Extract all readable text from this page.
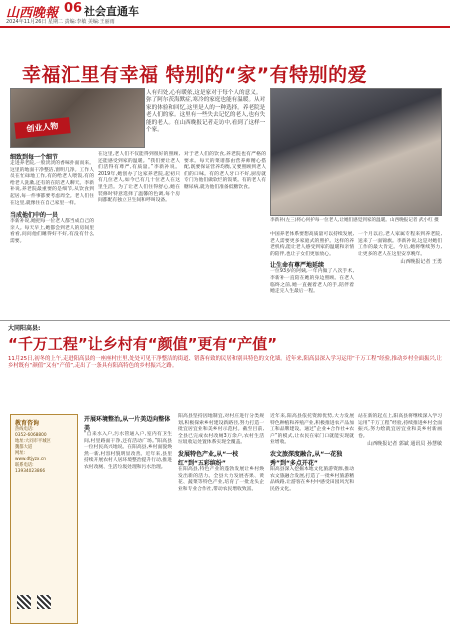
山西晚報 06 社会直通车
2024年11月26日 星期二 责编:李敏 美编:王丽雨
幸福汇里有幸福 特别的“家”有特别的爱
创业人物
人有归处,心有暖依,这是家对于每个人的意义。弥了阿尔茨海默症,寒冷的家庭也能有温暖。从对家的体验和回忆,这里是人的一种选择。养老院是老人们的家。这里有一些失去记忆的老人,也有失能的老人。在山西晚报记者走访中,看到了这样一个家。
李新补(左三)将心何护每一位老人,让她们感觉到家的温暖。山西晚报记者 武小红 摄
细致到每一个细节
走进养老院,一股淡淡的香味扑面而来。这里的地面干净整洁,窗明几净。工作人员在忙碌地工作,有的给老人喂饭,有的给老人洗漱,还有的在陪老人聊天。李新补说,养老院最重要的是细节,从饮食到起居,每一件事都要考虑周全。老人们住在这里,就像住在自己家里一样。
当成他们中的一员
李新补说,她把每一位老人都当成自己的亲人。每天早上,她都会到老人的房间里看看,问问他们睡得好不好,有没有什么需要。
在这里,老人们不仅能得到很好的照顾,还能感受到家的温暖。“我们要让老人们活得有尊严,有质量。”李新补说。2019年,她创办了这家养老院,起初只有几位老人,如今已有几十位老人在这里生活。为了让老人们住得舒心,她在装修时特意选择了温馨的色调,每个房间都配有独立卫生间和呼叫设备。
对于老人们的饮食,养老院也有严格的要求。每天的菜谱都由营养师精心搭配,既要保证营养均衡,又要照顾到老人们的口味。有的老人牙口不好,厨房就专门为他们做软烂的饭菜。有的老人有糖尿病,就为他们准备低糖饮食。
中国养老体系要想高质量可以持续发展,老人需要更多家庭式的照护。这样的养老机构,能让老人感受到家的温暖和亲情的陪伴,也让子女们更加放心。
让生命有尊严地延续
一位93岁的阿姨,一年内做了八次手术,李新补一直陪在她的身边照顾。在老人临终之前,她一直握着老人的手,陪伴着她走完人生最后一程。
一个月以后,老人家属专程来到养老院,送来了一面锦旗。李新补说,这是对她们工作的最大肯定。今后,她将继续努力,让更多的老人在这里安享晚年。
山西晚报记者 王勇
大同阳高县:
“千万工程”让乡村有“颜值”更有“产值”
11月25日,初冬的上午,走进阳高县的一座座村庄里,处处可见干净整洁的街道、错落有致的民居和别具特色的文化墙。近年来,阳高县深入学习运用“千万工程”经验,推动乡村全面振兴,让乡村既有“颜值”又有“产值”,走出了一条具有阳高特色的乡村振兴之路。
教育咨询
热线电话:
0352-6068800
地址:大同市平城区
魏都大道
网址:
www.dtjyzx.cn
联系电话:
13934023866
开展环境整治,从一片美迈向整体美
“自来水入户,污水管通入户,室内有卫生间,村里路面干净,还有活动广场。”阳高县一位村民高兴地说。在阳高县,乡村面貌焕然一新,村容村貌明显改善。近年来,县里持续开展农村人居环境整治提升行动,推进农村改厕、生活垃圾处理和污水治理。
阳高县坚持因地制宜,对村庄进行分类规划,积极探索乡村建设新路径,努力打造一批宜居宜业和美乡村示范村。截至目前,全县已完成农村改厕3万余户,农村生活垃圾收运处置体系实现全覆盖。
发展特色产业,从“一枝红”到“五彩缤纷”
在阳高县,特色产业的蓬勃发展让乡村焕发出新的活力。全县大力发展杏果、黄花、蔬菜等特色产业,培育了一批龙头企业和专业合作社,带动农民增收致富。
近年来,阳高县依托资源优势,大力发展特色种植和养殖产业,积极推进农产品加工和品牌建设。通过“企业+合作社+农户”的模式,让农民在家门口就能实现就业增收。
农文旅深度融合,从“一花独秀”到“多点开花”
阳高县深入挖掘本地文化旅游资源,推动农文旅融合发展,打造了一批乡村旅游精品线路,让游客在乡村中感受田园风光和民俗文化。
站在新的起点上,阳高县将继续深入学习运用“千万工程”经验,持续推进乡村全面振兴,努力绘就宜居宜业和美乡村新画卷。
山西晚报记者 郭斌 通讯员 孙慧敏
